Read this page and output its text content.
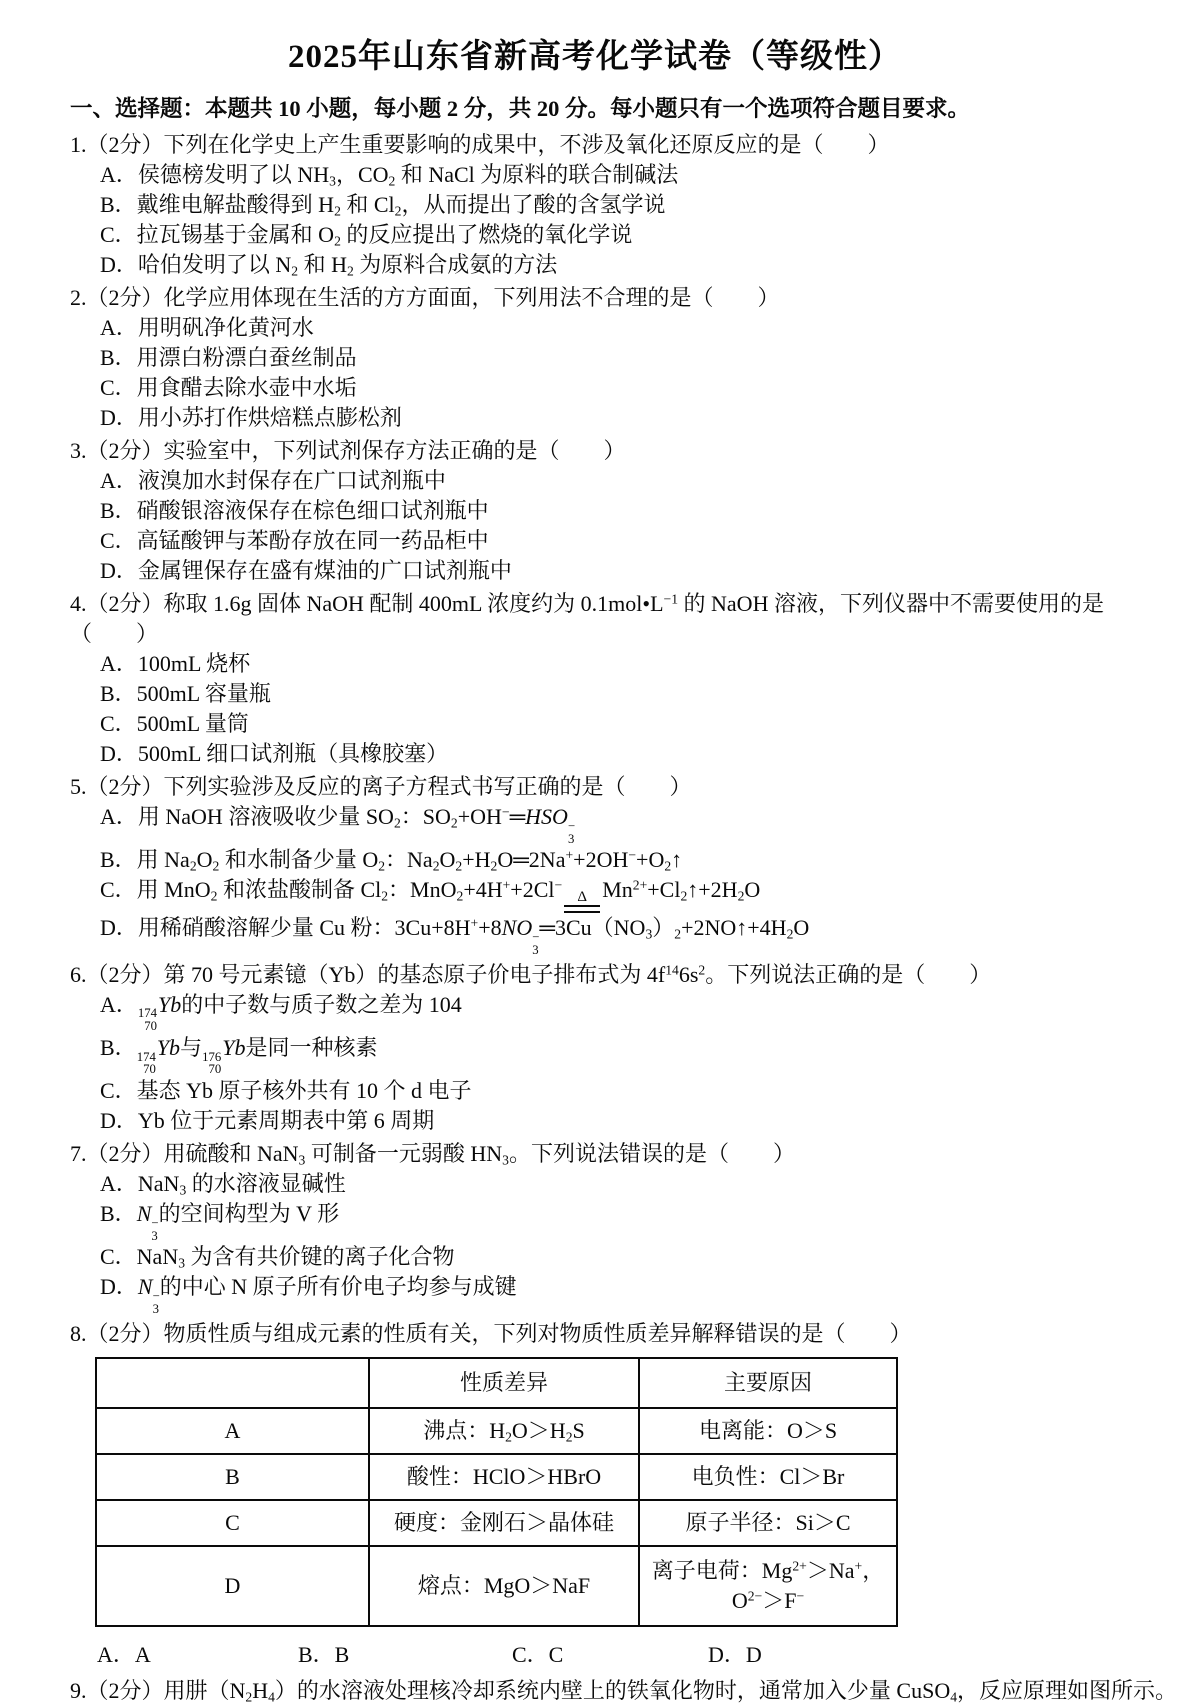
2025年山东省新高考化学试卷（等级性）

一、选择题：本题共 10 小题，每小题 2 分，共 20 分。每小题只有一个选项符合题目要求。

1.（2分）下列在化学史上产生重要影响的成果中，不涉及氧化还原反应的是（　　）

A．侯德榜发明了以 $NH_3$，$CO_2$ 和 NaCl 为原料的联合制碱法

B．戴维电解盐酸得到 $H_2$ 和 $Cl_2$，从而提出了酸的含氢学说

C．拉瓦锡基于金属和 $O_2$ 的反应提出了燃烧的氧化学说

D．哈伯发明了以 $N_2$ 和 $H_2$ 为原料合成氨的方法

2.（2分）化学应用体现在生活的方方面面，下列用法不合理的是（　　）

A．用明矾净化黄河水

B．用漂白粉漂白蚕丝制品

C．用食醋去除水壶中水垢

D．用小苏打作烘焙糕点膨松剂

3.（2分）实验室中，下列试剂保存方法正确的是（　　）

A．液溴加水封保存在广口试剂瓶中

B．硝酸银溶液保存在棕色细口试剂瓶中

C．高锰酸钾与苯酚存放在同一药品柜中

D．金属锂保存在盛有煤油的广口试剂瓶中

4.（2分）称取 1.6g 固体 NaOH 配制 400mL 浓度约为 $0.1mol•L^{-1}$ 的 NaOH 溶液，下列仪器中不需要使用的是（　　）

A．100mL 烧杯

B．500mL 容量瓶

C．500mL 量筒

D．500mL 细口试剂瓶（具橡胶塞）

5.（2分）下列实验涉及反应的离子方程式书写正确的是（　　）

A．用 NaOH 溶液吸收少量 $SO_2$：$SO_2+OH^-═HSO$ −
3

B．用 $Na_2O_2$ 和水制备少量 $O_2$：$Na_2O_2+H_2O═2Na^++2OH^-+O_2↑$

C．用 MnO$_2$ 和浓盐酸制备 $Cl_2$：MnO$_2$+4H++2Cl−
Δ $Mn^{2+}+Cl_2↑+2H_2O$

D．用稀硝酸溶解少量 Cu 粉：3Cu+8H++8NO −
3
$═3Cu(NO_3)_2+2NO↑+4H_2O$

6.（2分）第 70 号元素镱（Yb）的基态原子价电子排布式为 $4f^{14}6s^2$。下列说法正确的是（　　）

A． 174
70
Yb的中子数与质子数之差为 104

B． 174
70
Yb与 176
70
Yb是同一种核素

C．基态 Yb 原子核外共有 10 个 d 电子

D．Yb 位于元素周期表中第 6 周期

7.（2分）用硫酸和 NaN$_3$ 可制备一元弱酸 $HN_3$。下列说法错误的是（　　）

A．NaN$_3$ 的水溶液显碱性

B．N −
3
的空间构型为 V 形

C．NaN$_3$ 为含有共价键的离子化合物

D．N −
3
的中心 N 原子所有价电子均参与成键

8.（2分）物质性质与组成元素的性质有关，下列对物质性质差异解释错误的是（　　）

	性质差异	主要原因
A	沸点：$H_2O>H_2S$	电离能：O＞S
B	酸性：HClO＞HBrO	电负性：Cl＞Br
C	硬度：金刚石＞晶体硅	原子半径：Si＞C
D	熔点：MgO＞NaF	离子电荷：$Mg^{2+}>Na^+$，$O^{2-}>F^-$
A．A	B．B	C．C	D．D

9.（2分）用肼$(N_2H_4)$的水溶液处理核冷却系统内壁上的铁氧化物时，通常加入少量 CuSO$_4$，反应原理如图所示。
